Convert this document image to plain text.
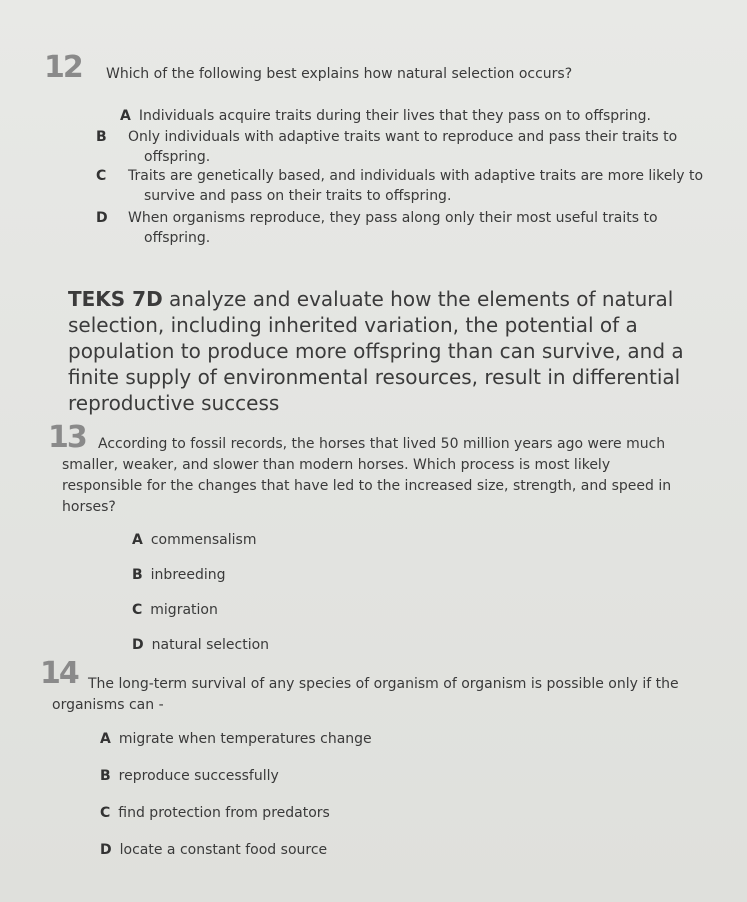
12 Which of the following best explains how natural selection occurs?
A Individuals acquire traits during their lives that they pass on to offspring.
B Only individuals with adaptive traits want to reproduce and pass their traits to offspring.
C Traits are genetically based, and individuals with adaptive traits are more likely to survive and pass on their traits to offspring.
D When organisms reproduce, they pass along only their most useful traits to offspring.
TEKS 7D analyze and evaluate how the elements of natural selection, including inherited variation, the potential of a population to produce more offspring than can survive, and a finite supply of environmental resources, result in differential reproductive success
13 According to fossil records, the horses that lived 50 million years ago were much smaller, weaker, and slower than modern horses. Which process is most likely responsible for the changes that have led to the increased size, strength, and speed in horses?
A commensalism
B inbreeding
C migration
D natural selection
14 The long-term survival of any species of organism of organism is possible only if the organisms can -
A migrate when temperatures change
B reproduce successfully
C find protection from predators
D locate a constant food source
